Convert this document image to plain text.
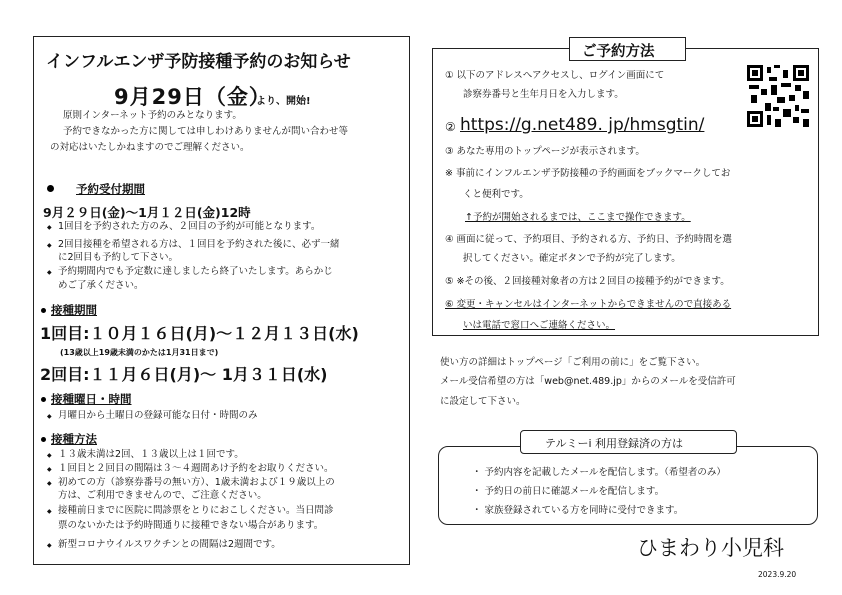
インフルエンザ予防接種予約のお知らせ
9月29日（金）
より、開始!
原則インターネット予約のみとなります。
予約できなかった方に関しては申しわけありませんが問い合わせ等
の対応はいたしかねますのでご理解ください。
予約受付期間
9月２９日(金)～1月１２日(金)12時
◆ 1回目を予約された方のみ、２回目の予約が可能となります。
◆ 2回目接種を希望される方は、１回目を予約された後に、必ず一緒
に2回目も予約して下さい。
◆ 予約期間内でも予定数に達しましたら終了いたします。あらかじ
めご了承ください。
接種期間
1回目:１０月１６日(月)～１２月１３日(水)
(13歳以上19歳未満のかたは1月31日まで)
2回目:１１月６日(月)～ 1月３１日(水)
接種曜日・時間
◆ 月曜日から土曜日の登録可能な日付・時間のみ
接種方法
◆ １３歳未満は2回、１３歳以上は１回です。
◆ １回目と２回目の間隔は３～４週間あけ予約をお取りください。
◆ 初めての方（診察券番号の無い方）、1歳未満および１９歳以上の
方は、ご利用できませんので、ご注意ください。
◆ 接種前日までに医院に問診票をとりにおこしください。当日問診
票のないかたは予約時間通りに接種できない場合があります。
◆ 新型コロナウイルスワクチンとの間隔は2週間です。
ご予約方法
① 以下のアドレスへアクセスし、ログイン画面にて
診察券番号と生年月日を入力します。
② https://g.net489. jp/hmsgtin/
③ あなた専用のトップページが表示されます。
※ 事前にインフルエンザ予防接種の予約画面をブックマークしてお
くと便利です。
↑予約が開始されるまでは、ここまで操作できます。
④ 画面に従って、予約項目、予約される方、予約日、予約時間を選
択してください。確定ボタンで予約が完了します。
⑤ ※その後、２回接種対象者の方は２回目の接種予約ができます。
⑥ 変更・キャンセルはインターネットからできませんので直接ある
いは電話で窓口へご連絡ください。
使い方の詳細はトップページ「ご利用の前に」をご覧下さい。
メール受信希望の方は「web@net.489.jp」からのメールを受信許可
に設定して下さい。
テルミーi 利用登録済の方は
・ 予約内容を記載したメールを配信します。（希望者のみ）
・ 予約日の前日に確認メールを配信します。
・ 家族登録されている方を同時に受付できます。
ひまわり小児科
2023.9.20
